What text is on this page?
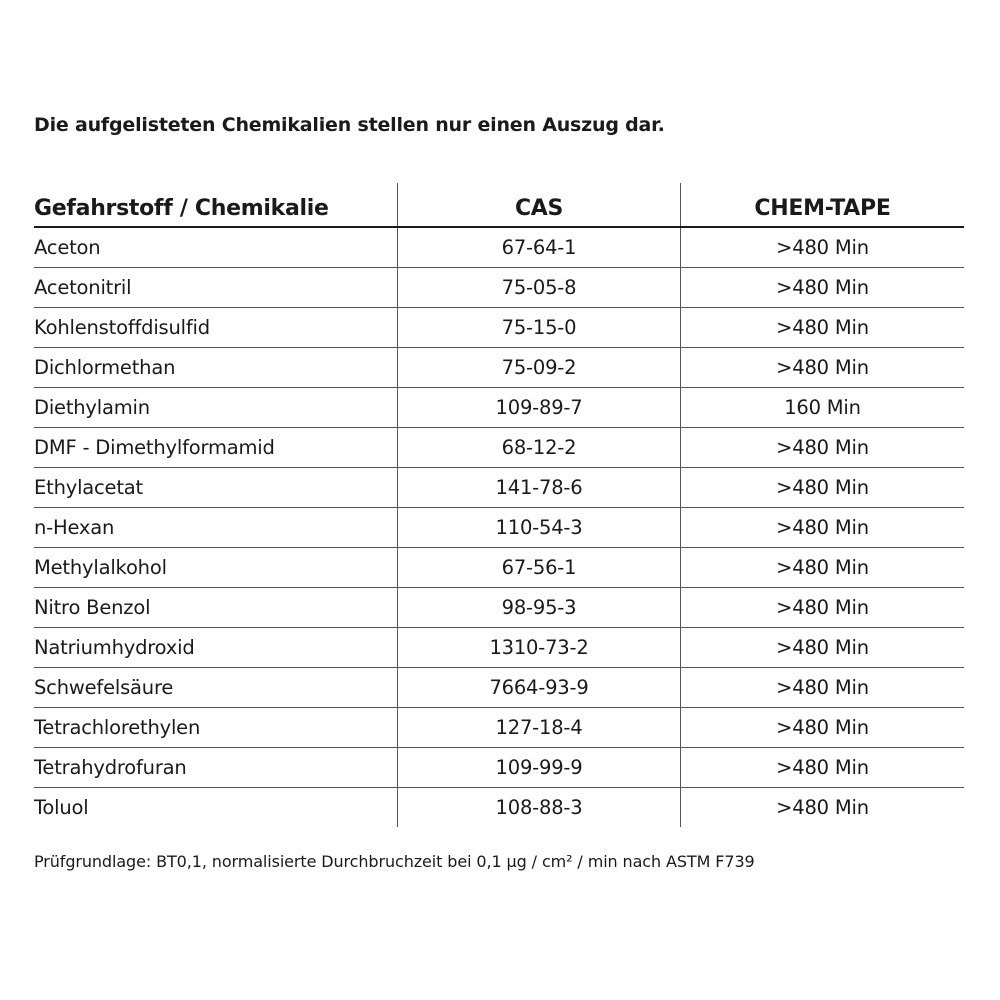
Die aufgelisteten Chemikalien stellen nur einen Auszug dar.
Gefahrstoff / Chemikalie	CAS	CHEM-TAPE
Aceton	67-64-1	>480 Min
Acetonitril	75-05-8	>480 Min
Kohlenstoffdisulfid	75-15-0	>480 Min
Dichlormethan	75-09-2	>480 Min
Diethylamin	109-89-7	160 Min
DMF - Dimethylformamid	68-12-2	>480 Min
Ethylacetat	141-78-6	>480 Min
n-Hexan	110-54-3	>480 Min
Methylalkohol	67-56-1	>480 Min
Nitro Benzol	98-95-3	>480 Min
Natriumhydroxid	1310-73-2	>480 Min
Schwefelsäure	7664-93-9	>480 Min
Tetrachlorethylen	127-18-4	>480 Min
Tetrahydrofuran	109-99-9	>480 Min
Toluol	108-88-3	>480 Min
Prüfgrundlage: BT0,1, normalisierte Durchbruchzeit bei 0,1 µg / cm² / min nach ASTM F739
